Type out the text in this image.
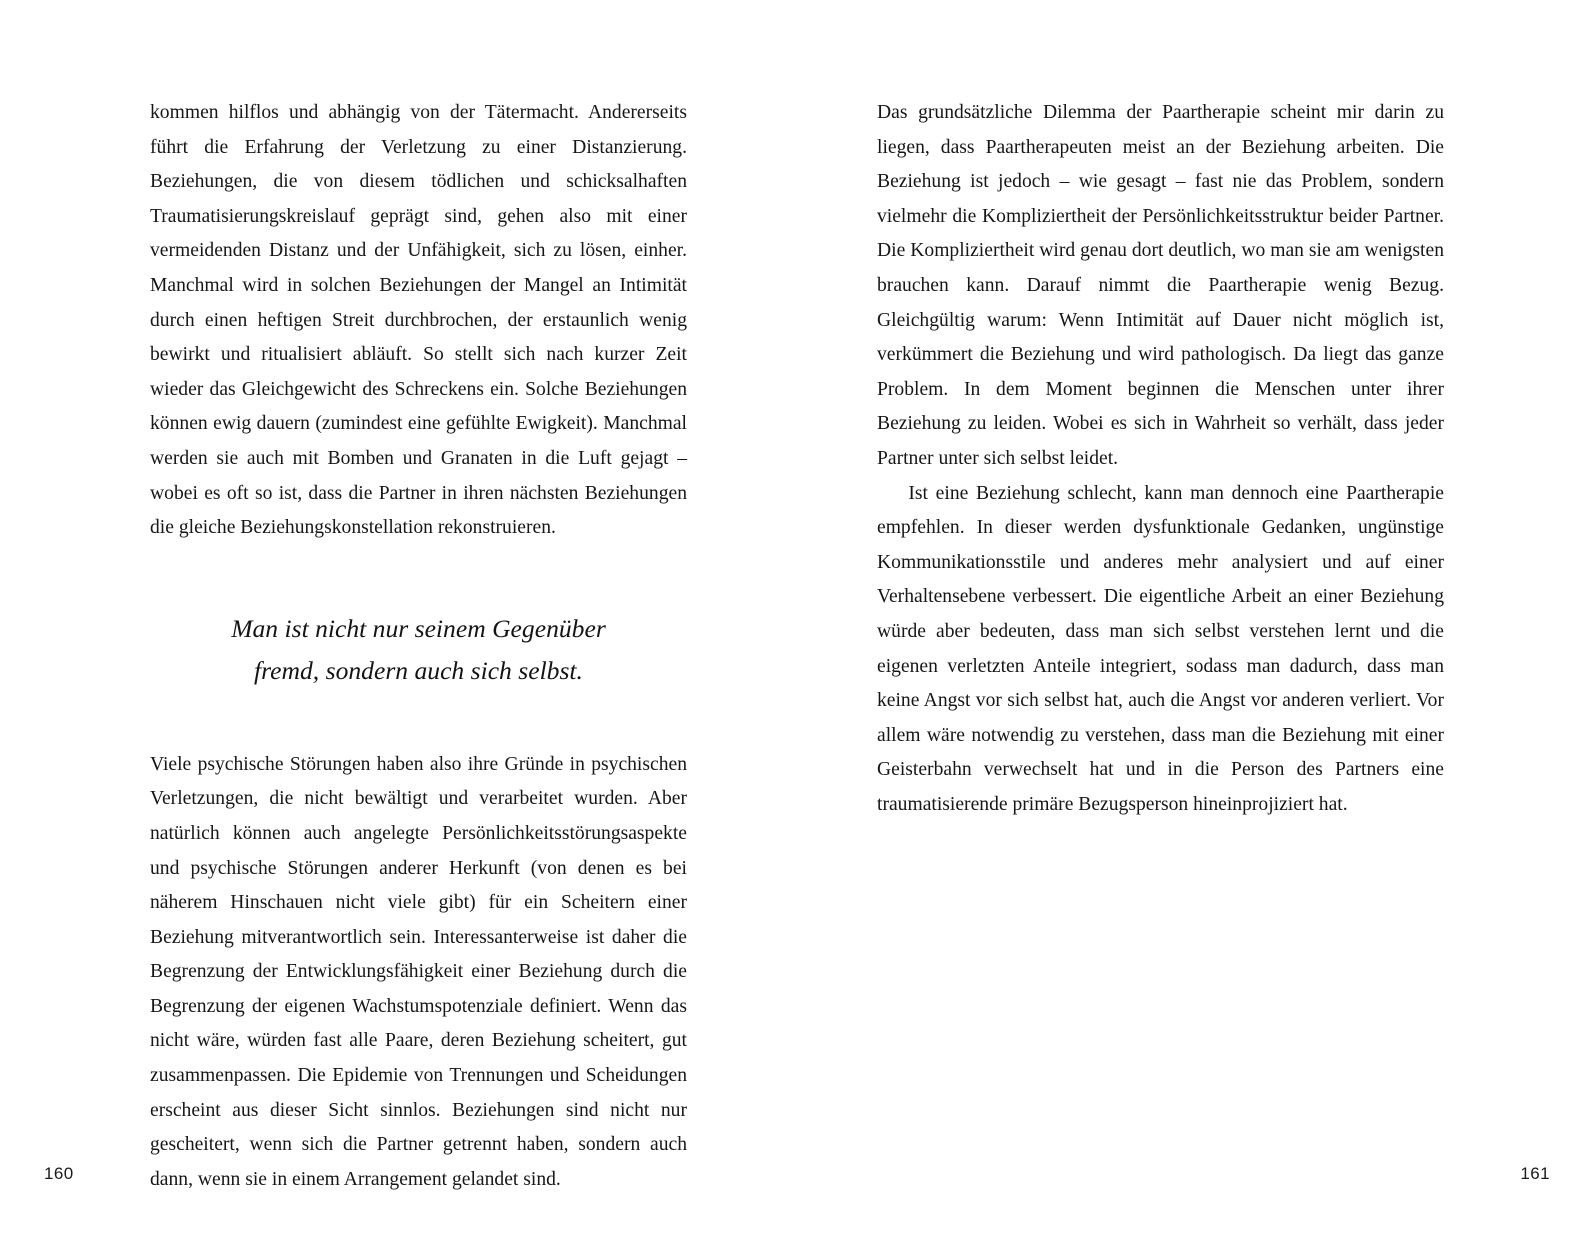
kommen hilflos und abhängig von der Tätermacht. Andererseits führt die Erfahrung der Verletzung zu einer Distanzierung. Beziehungen, die von diesem tödlichen und schicksalhaften Traumatisierungskreislauf geprägt sind, gehen also mit einer vermeidenden Distanz und der Unfähigkeit, sich zu lösen, einher. Manchmal wird in solchen Beziehungen der Mangel an Intimität durch einen heftigen Streit durchbrochen, der erstaunlich wenig bewirkt und ritualisiert abläuft. So stellt sich nach kurzer Zeit wieder das Gleichgewicht des Schreckens ein. Solche Beziehungen können ewig dauern (zumindest eine gefühlte Ewigkeit). Manchmal werden sie auch mit Bomben und Granaten in die Luft gejagt – wobei es oft so ist, dass die Partner in ihren nächsten Beziehungen die gleiche Beziehungskonstellation rekonstruieren.

Man ist nicht nur seinem Gegenüber
fremd, sondern auch sich selbst.

Viele psychische Störungen haben also ihre Gründe in psychischen Verletzungen, die nicht bewältigt und verarbeitet wurden. Aber natürlich können auch angelegte Persönlichkeitsstörungsaspekte und psychische Störungen anderer Herkunft (von denen es bei näherem Hinschauen nicht viele gibt) für ein Scheitern einer Beziehung mitverantwortlich sein. Interessanterweise ist daher die Begrenzung der Entwicklungsfähigkeit einer Beziehung durch die Begrenzung der eigenen Wachstumspotenziale definiert. Wenn das nicht wäre, würden fast alle Paare, deren Beziehung scheitert, gut zusammenpassen. Die Epidemie von Trennungen und Scheidungen erscheint aus dieser Sicht sinnlos. Beziehungen sind nicht nur gescheitert, wenn sich die Partner getrennt haben, sondern auch dann, wenn sie in einem Arrangement gelandet sind.

160

Das grundsätzliche Dilemma der Paartherapie scheint mir darin zu liegen, dass Paartherapeuten meist an der Beziehung arbeiten. Die Beziehung ist jedoch – wie gesagt – fast nie das Problem, sondern vielmehr die Kompliziertheit der Persönlichkeitsstruktur beider Partner. Die Kompliziertheit wird genau dort deutlich, wo man sie am wenigsten brauchen kann. Darauf nimmt die Paartherapie wenig Bezug. Gleichgültig warum: Wenn Intimität auf Dauer nicht möglich ist, verkümmert die Beziehung und wird pathologisch. Da liegt das ganze Problem. In dem Moment beginnen die Menschen unter ihrer Beziehung zu leiden. Wobei es sich in Wahrheit so verhält, dass jeder Partner unter sich selbst leidet.

Ist eine Beziehung schlecht, kann man dennoch eine Paartherapie empfehlen. In dieser werden dysfunktionale Gedanken, ungünstige Kommunikationsstile und anderes mehr analysiert und auf einer Verhaltensebene verbessert. Die eigentliche Arbeit an einer Beziehung würde aber bedeuten, dass man sich selbst verstehen lernt und die eigenen verletzten Anteile integriert, sodass man dadurch, dass man keine Angst vor sich selbst hat, auch die Angst vor anderen verliert. Vor allem wäre notwendig zu verstehen, dass man die Beziehung mit einer Geisterbahn verwechselt hat und in die Person des Partners eine traumatisierende primäre Bezugsperson hineinprojiziert hat.

161
